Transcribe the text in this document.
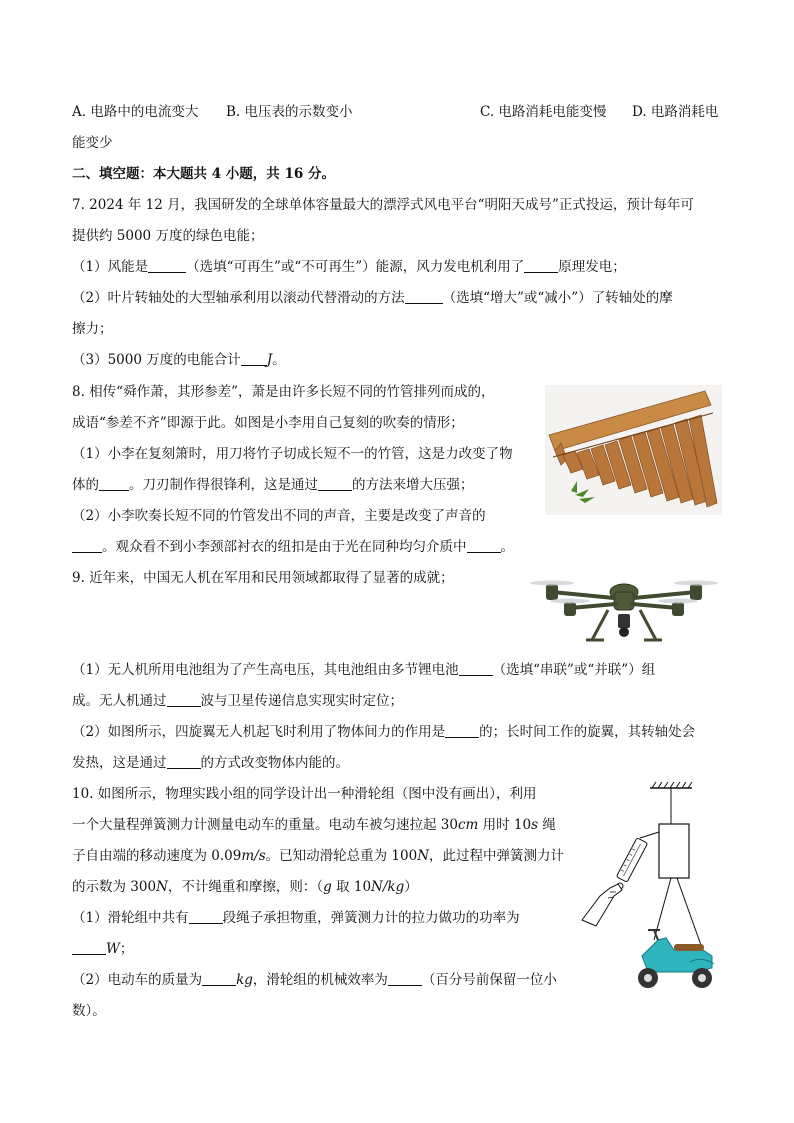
A. 电路中的电流变大 B. 电压表的示数变小	C. 电路消耗电能变慢 D. 电路消耗电
能变少
二、填空题：本大题共 4 小题，共 16 分。
7. 2024 年 12 月，我国研发的全球单体容量最大的漂浮式风电平台“明阳天成号”正式投运，预计每年可
提供约 5000 万度的绿色电能；
（1）风能是	（选填“可再生”或“不可再生”）能源，风力发电机利用了	原理发电；
（2）叶片转轴处的大型轴承利用以滚动代替滑动的方法	（选填“增大”或“减小”）了转轴处的摩
擦力；
（3）5000 万度的电能合计 J。
8. 相传“舜作萧，其形参差”，萧是由许多长短不同的竹管排列而成的，
成语“参差不齐”即源于此。如图是小李用自己复刻的吹奏的情形；
（1）小李在复刻箫时，用刀将竹子切成长短不一的竹管，这是力改变了物
体的 。刀刃制作得很锋利，这是通过	的方法来增大压强；
（2）小李吹奏长短不同的竹管发出不同的声音，主要是改变了声音的
。观众看不到小李颈部衬衣的纽扣是由于光在同种均匀介质中	。
9. 近年来，中国无人机在军用和民用领域都取得了显著的成就；
（1）无人机所用电池组为了产生高电压，其电池组由多节锂电池	（选填“串联”或“并联”）组
成。无人机通过	波与卫星传递信息实现实时定位；
（2）如图所示，四旋翼无人机起飞时利用了物体间力的作用是	的；长时间工作的旋翼，其转轴处会
发热，这是通过	的方式改变物体内能的。
10. 如图所示，物理实践小组的同学设计出一种滑轮组（图中没有画出），利用
一个大量程弹簧测力计测量电动车的重量。电动车被匀速拉起 30cm 用时 10s 绳
子自由端的移动速度为 0.09m/s。已知动滑轮总重为 100N，此过程中弹簧测力计
的示数为 300N，不计绳重和摩擦，则：（g 取 10N/kg）
（1）滑轮组中共有	段绳子承担物重，弹簧测力计的拉力做功的功率为
W；
（2）电动车的质量为	kg，滑轮组的机械效率为	（百分号前保留一位小
数）。
